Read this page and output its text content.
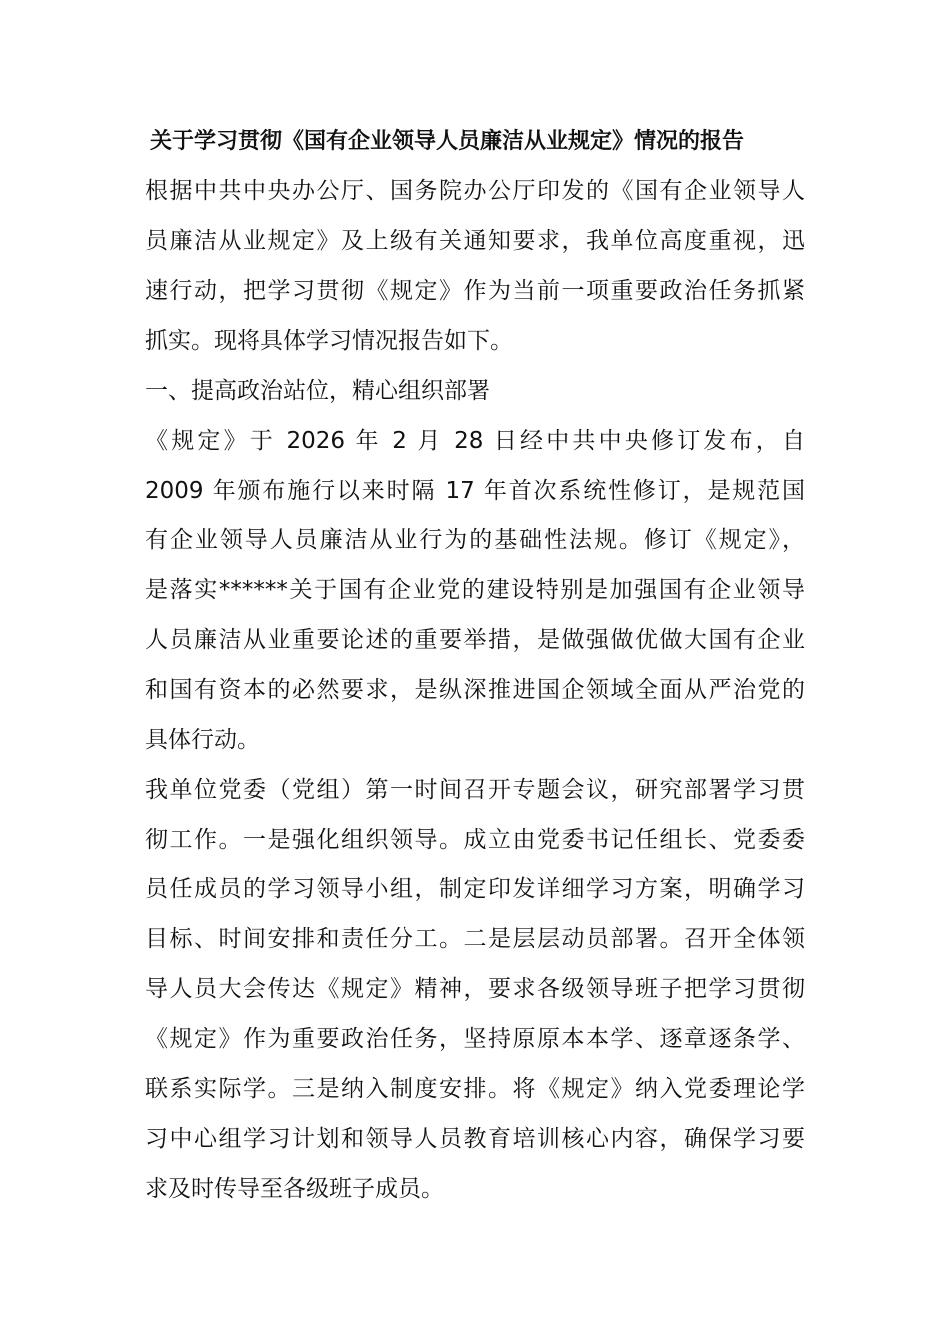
关于学习贯彻《国有企业领导人员廉洁从业规定》情况的报告
根据中共中央办公厅、国务院办公厅印发的《国有企业领导人
员廉洁从业规定》及上级有关通知要求，我单位高度重视，迅
速行动，把学习贯彻《规定》作为当前一项重要政治任务抓紧
抓实。现将具体学习情况报告如下。
一、提高政治站位，精心组织部署
《规定》于 2026 年 2 月 28 日经中共中央修订发布，自
2009 年颁布施行以来时隔 17 年首次系统性修订，是规范国
有企业领导人员廉洁从业行为的基础性法规。修订《规定》，
是落实******关于国有企业党的建设特别是加强国有企业领导
人员廉洁从业重要论述的重要举措，是做强做优做大国有企业
和国有资本的必然要求，是纵深推进国企领域全面从严治党的
具体行动。
我单位党委（党组）第一时间召开专题会议，研究部署学习贯
彻工作。一是强化组织领导。成立由党委书记任组长、党委委
员任成员的学习领导小组，制定印发详细学习方案，明确学习
目标、时间安排和责任分工。二是层层动员部署。召开全体领
导人员大会传达《规定》精神，要求各级领导班子把学习贯彻
《规定》作为重要政治任务，坚持原原本本学、逐章逐条学、
联系实际学。三是纳入制度安排。将《规定》纳入党委理论学
习中心组学习计划和领导人员教育培训核心内容，确保学习要
求及时传导至各级班子成员。
